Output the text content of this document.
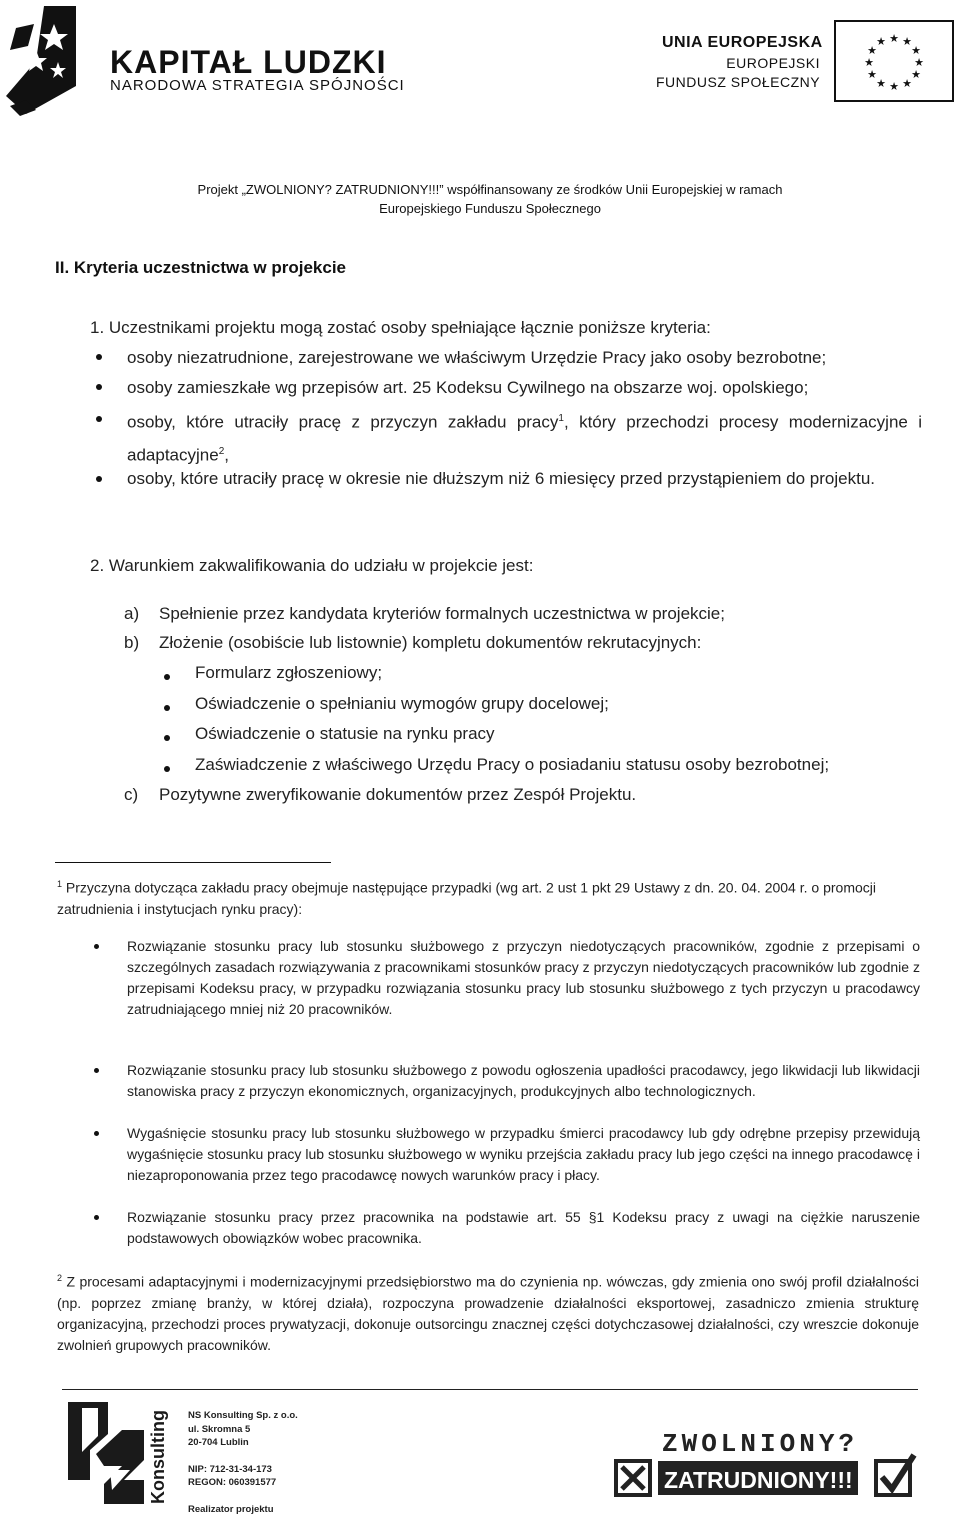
KAPITAŁ LUDZKI
NARODOWA STRATEGIA SPÓJNOŚCI
UNIA EUROPEJSKA
EUROPEJSKI
FUNDUSZ SPOŁECZNY
★ ★
★
★
★
★
★
★
★
★
★
★
Projekt „ZWOLNIONY? ZATRUDNIONY!!!” współfinansowany ze środków Unii Europejskiej w ramach
Europejskiego Funduszu Społecznego
II. Kryteria uczestnictwa w projekcie
1. Uczestnikami projektu mogą zostać osoby spełniające łącznie poniższe kryteria:
osoby niezatrudnione, zarejestrowane we właściwym Urzędzie Pracy jako osoby bezrobotne;
osoby zamieszkałe wg przepisów art. 25 Kodeksu Cywilnego na obszarze woj. opolskiego;
osoby, które utraciły pracę z przyczyn zakładu pracy$^1$, który przechodzi procesy modernizacyjne i adaptacyjne$^2$,
osoby, które utraciły pracę w okresie nie dłuższym niż 6 miesięcy przed przystąpieniem do projektu.
2. Warunkiem zakwalifikowania do udziału w projekcie jest:
a) Spełnienie przez kandydata kryteriów formalnych uczestnictwa w projekcie;
b) Złożenie (osobiście lub listownie) kompletu dokumentów rekrutacyjnych:
Formularz zgłoszeniowy;
Oświadczenie o spełnianiu wymogów grupy docelowej;
Oświadczenie o statusie na rynku pracy
Zaświadczenie z właściwego Urzędu Pracy o posiadaniu statusu osoby bezrobotnej;
c) Pozytywne zweryfikowanie dokumentów przez Zespół Projektu.
$^1$ Przyczyna dotycząca zakładu pracy obejmuje następujące przypadki (wg art. 2 ust 1 pkt 29 Ustawy z dn. 20. 04. 2004 r. o promocji zatrudnienia i instytucjach rynku pracy):
Rozwiązanie stosunku pracy lub stosunku służbowego z przyczyn niedotyczących pracowników, zgodnie z przepisami o szczególnych zasadach rozwiązywania z pracownikami stosunków pracy z przyczyn niedotyczących pracowników lub zgodnie z przepisami Kodeksu pracy, w przypadku rozwiązania stosunku pracy lub stosunku służbowego z tych przyczyn u pracodawcy zatrudniającego mniej niż 20 pracowników.
Rozwiązanie stosunku pracy lub stosunku służbowego z powodu ogłoszenia upadłości pracodawcy, jego likwidacji lub likwidacji stanowiska pracy z przyczyn ekonomicznych, organizacyjnych, produkcyjnych albo technologicznych.
Wygaśnięcie stosunku pracy lub stosunku służbowego w przypadku śmierci pracodawcy lub gdy odrębne przepisy przewidują wygaśnięcie stosunku pracy lub stosunku służbowego w wyniku przejścia zakładu pracy lub jego części na innego pracodawcę i niezaproponowania przez tego pracodawcę nowych warunków pracy i płacy.
Rozwiązanie stosunku pracy przez pracownika na podstawie art. 55 §1 Kodeksu pracy z uwagi na ciężkie naruszenie podstawowych obowiązków wobec pracownika.
$^2$ Z procesami adaptacyjnymi i modernizacyjnymi przedsiębiorstwo ma do czynienia np. wówczas, gdy zmienia ono swój profil działalności (np. poprzez zmianę branży, w której działa), rozpoczyna prowadzenie działalności eksportowej, zasadniczo zmienia strukturę organizacyjną, przechodzi proces prywatyzacji, dokonuje outsorcingu znacznej części dotychczasowej działalności, czy wreszcie dokonuje zwolnień grupowych pracowników.
Konsulting NS Konsulting Sp. z o.o.
ul. Skromna 5
20-704 Lublin
NIP: 712-31-34-173
REGON: 060391577
Realizator projektu
ZWOLNIONY?
ZATRUDNIONY!!!
